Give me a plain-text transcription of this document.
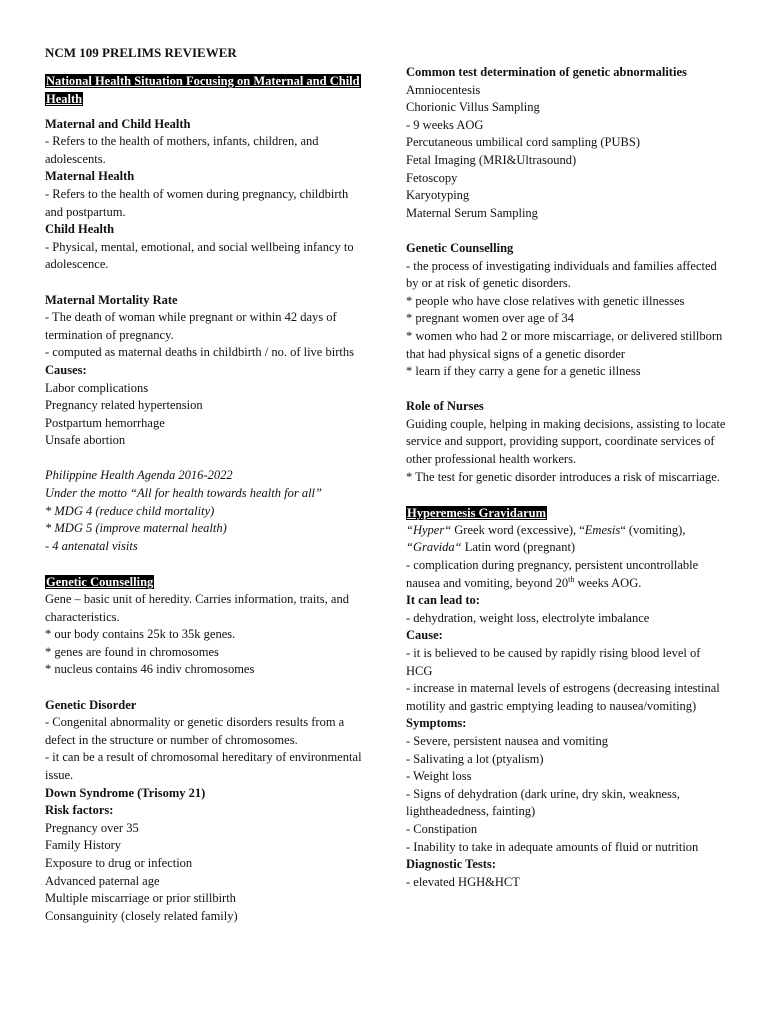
NCM 109 PRELIMS REVIEWER
National Health Situation Focusing on Maternal and Child Health
Maternal and Child Health
- Refers to the health of mothers, infants, children, and adolescents.
Maternal Health
- Refers to the health of women during pregnancy, childbirth and postpartum.
Child Health
- Physical, mental, emotional, and social wellbeing infancy to adolescence.
Maternal Mortality Rate
- The death of woman while pregnant or within 42 days of termination of pregnancy.
- computed as maternal deaths in childbirth / no. of live births
Causes:
Labor complications
Pregnancy related hypertension
Postpartum hemorrhage
Unsafe abortion
Philippine Health Agenda 2016-2022
Under the motto “All for health towards health for all”
* MDG 4 (reduce child mortality)
* MDG 5 (improve maternal health)
- 4 antenatal visits
Genetic Counselling
Gene – basic unit of heredity. Carries information, traits, and characteristics.
* our body contains 25k to 35k genes.
* genes are found in chromosomes
* nucleus contains 46 indiv chromosomes
Genetic Disorder
- Congenital abnormality or genetic disorders results from a defect in the structure or number of chromosomes.
- it can be a result of chromosomal hereditary of environmental issue.
Down Syndrome (Trisomy 21)
Risk factors:
Pregnancy over 35
Family History
Exposure to drug or infection
Advanced paternal age
Multiple miscarriage or prior stillbirth
Consanguinity (closely related family)
Common test determination of genetic abnormalities
Amniocentesis
Chorionic Villus Sampling
- 9 weeks AOG
Percutaneous umbilical cord sampling (PUBS)
Fetal Imaging (MRI&Ultrasound)
Fetoscopy
Karyotyping
Maternal Serum Sampling
Genetic Counselling
- the process of investigating individuals and families affected by or at risk of genetic disorders.
* people who have close relatives with genetic illnesses
* pregnant women over age of 34
* women who had 2 or more miscarriage, or delivered stillborn that had physical signs of a genetic disorder
* learn if they carry a gene for a genetic illness
Role of Nurses
Guiding couple, helping in making decisions, assisting to locate service and support, providing support, coordinate services of other professional health workers.
* The test for genetic disorder introduces a risk of miscarriage.
Hyperemesis Gravidarum
“Hyper“ Greek word (excessive), “Emesis“ (vomiting), “Gravida“ Latin word (pregnant)
- complication during pregnancy, persistent uncontrollable nausea and vomiting, beyond 20th weeks AOG.
It can lead to:
- dehydration, weight loss, electrolyte imbalance
Cause:
- it is believed to be caused by rapidly rising blood level of HCG
- increase in maternal levels of estrogens (decreasing intestinal motility and gastric emptying leading to nausea/vomiting)
Symptoms:
- Severe, persistent nausea and vomiting
- Salivating a lot (ptyalism)
- Weight loss
- Signs of dehydration (dark urine, dry skin, weakness, lightheadedness, fainting)
- Constipation
- Inability to take in adequate amounts of fluid or nutrition
Diagnostic Tests:
- elevated HGH&HCT
